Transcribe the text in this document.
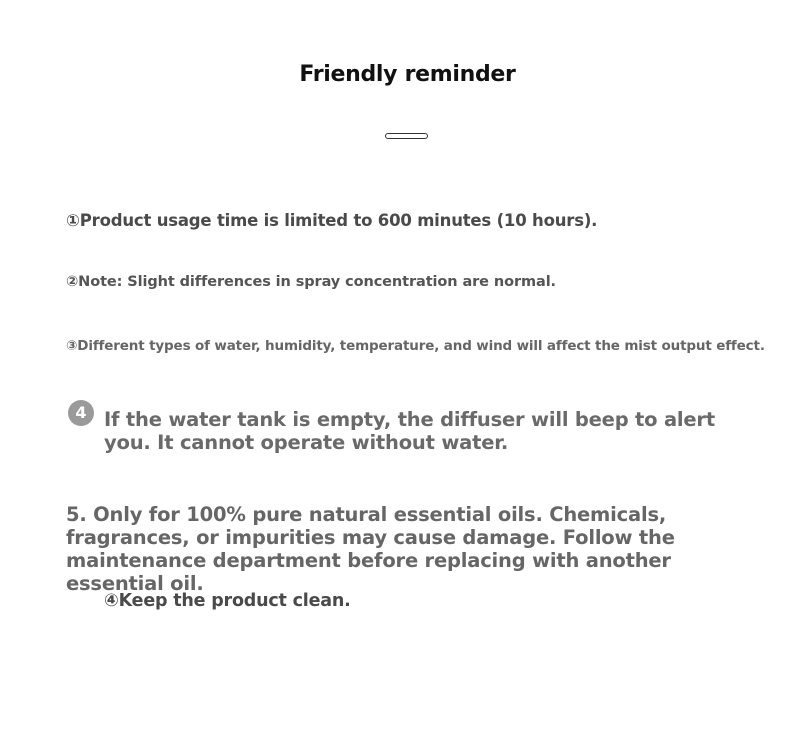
Friendly reminder
①Product usage time is limited to 600 minutes (10 hours).
②Note: Slight differences in spray concentration are normal.
③Different types of water, humidity, temperature, and wind will affect the mist output effect.
4 If the water tank is empty, the diffuser will beep to alert you. It cannot operate without water.
5. Only for 100% pure natural essential oils. Chemicals, fragrances, or impurities may cause damage. Follow the maintenance department before replacing with another essential oil.
④Keep the product clean.
